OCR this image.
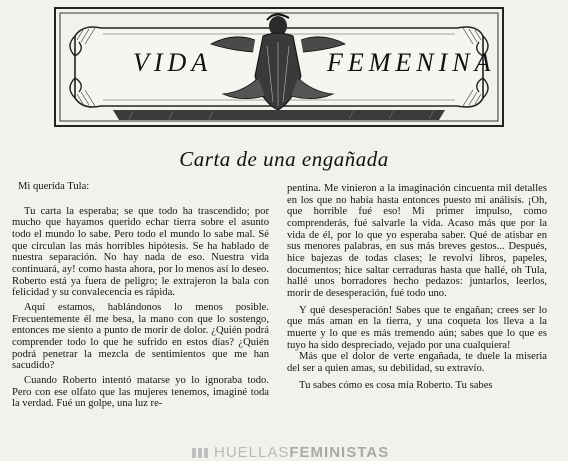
VIDA	FEMENINA
Carta de una engañada

Mi querida Tula:

Tu carta la esperaba; se que todo ha trascendido; por mucho que hayamos querido echar tierra sobre el asunto todo el mundo lo sabe. Pero todo el mundo lo sabe mal. Sé que circulan las más horribles hipótesis. Se ha hablado de nuestra separación. No hay nada de eso. Nuestra vida continuará, ay! como hasta ahora, por lo menos así lo deseo. Roberto está ya fuera de peligro; le extrajeron la bala con felicidad y su convalecencia es rápida.

Aquí estamos, hablándonos lo menos posible. Frecuentemente él me besa, la mano con que lo sostengo, entonces me siento a punto de morir de dolor. ¿Quién podrá comprender todo lo que he sufrido en estos días? ¿Quién podrá penetrar la mezcla de sentimientos que me han sacudido?

Cuando Roberto intentó matarse yo lo ignoraba todo. Pero con ese olfato que las mujeres tenemos, imaginé toda la verdad. Fué un golpe, una luz re-

pentina. Me vinieron a la imaginación cincuenta mil detalles en los que no había hasta entonces puesto mi análisis. ¡Oh, que horrible fué eso! Mi primer impulso, como comprenderás, fué salvarle la vida. Acaso más que por la vida de él, por lo que yo esperaba saber. Qué de atisbar en sus menores palabras, en sus más breves gestos... Después, hice bajezas de todas clases; le revolví libros, papeles, documentos; hice saltar cerraduras hasta que hallé, oh Tula, hallé unos borradores hecho pedazos: juntarlos, leerlos, morir de desesperación, fué todo uno.

Y qué desesperación! Sabes que te engañan; crees ser lo que más aman en la tierra, y una coqueta los lleva a la muerte y lo que es más tremendo aún; sabes que lo que es tuyo ha sido despreciado, vejado por una cualquiera!

Más que el dolor de verte engañada, te duele la miseria del ser a quien amas, su debilidad, su extravío.

Tu sabes cómo es cosa mía Roberto. Tu sabes

HUELLASFEMINISTAS
